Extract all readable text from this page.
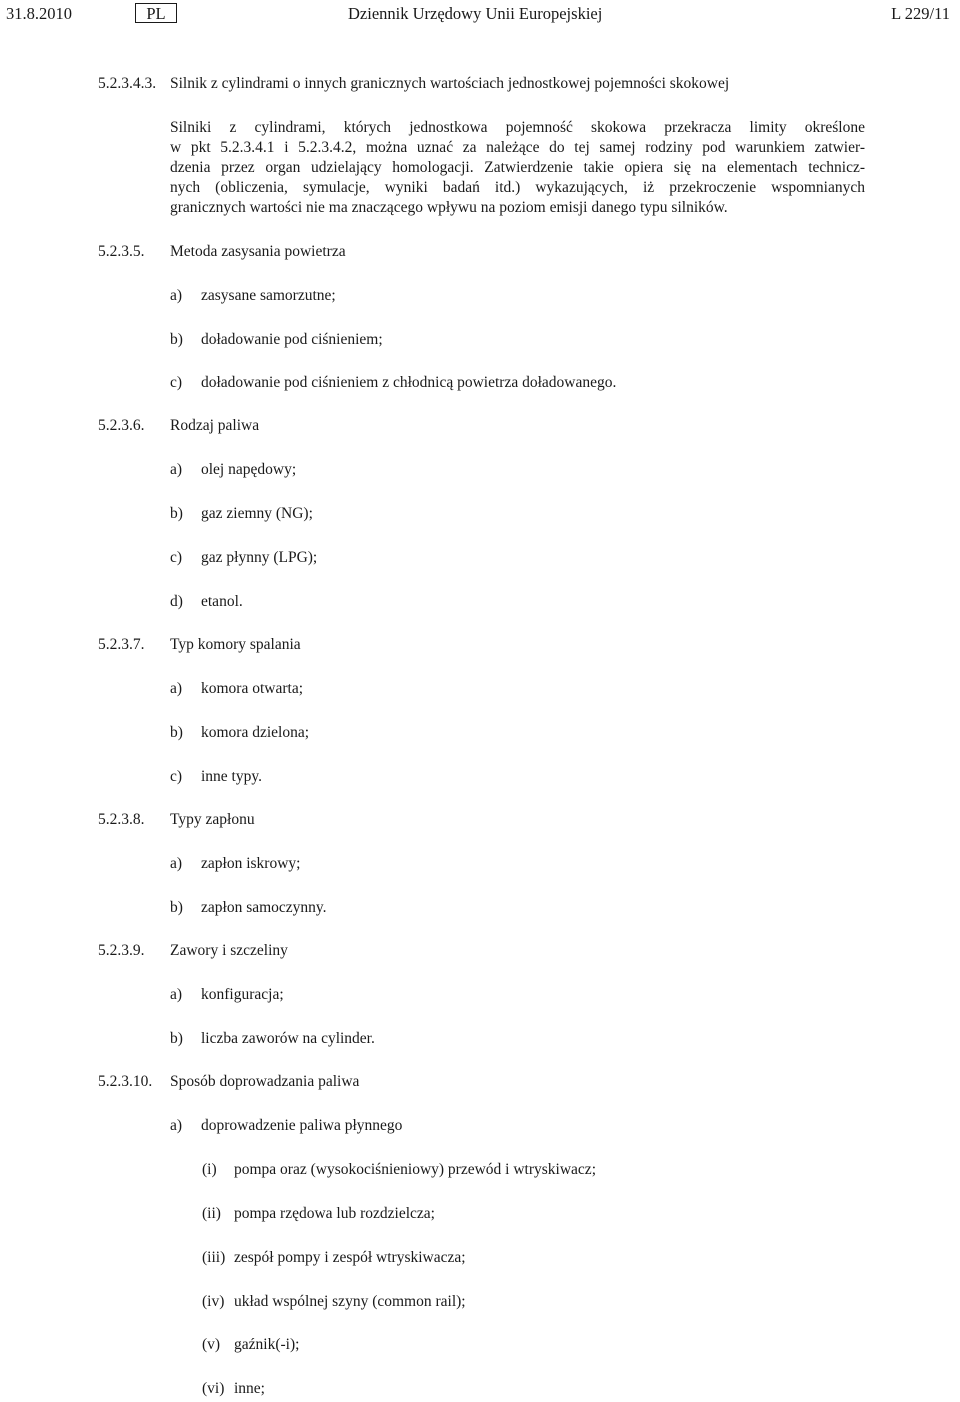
31.8.2010	PL	Dziennik Urzędowy Unii Europejskiej	L 229/11
5.2.3.4.3. Silnik z cylindrami o innych granicznych wartościach jednostkowej pojemności skokowej
Silniki z cylindrami, których jednostkowa pojemność skokowa przekracza limity określone
w pkt 5.2.3.4.1 i 5.2.3.4.2, można uznać za należące do tej samej rodziny pod warunkiem zatwier-
dzenia przez organ udzielający homologacji. Zatwierdzenie takie opiera się na elementach technicz-
nych (obliczenia, symulacje, wyniki badań itd.) wykazujących, iż przekroczenie wspomnianych
granicznych wartości nie ma znaczącego wpływu na poziom emisji danego typu silników.
5.2.3.5. Metoda zasysania powietrza
a) zasysane samorzutne;
b) doładowanie pod ciśnieniem;
c) doładowanie pod ciśnieniem z chłodnicą powietrza doładowanego.
5.2.3.6. Rodzaj paliwa
a) olej napędowy;
b) gaz ziemny (NG);
c) gaz płynny (LPG);
d) etanol.
5.2.3.7. Typ komory spalania
a) komora otwarta;
b) komora dzielona;
c) inne typy.
5.2.3.8. Typy zapłonu
a) zapłon iskrowy;
b) zapłon samoczynny.
5.2.3.9. Zawory i szczeliny
a) konfiguracja;
b) liczba zaworów na cylinder.
5.2.3.10. Sposób doprowadzania paliwa
a) doprowadzenie paliwa płynnego
(i) pompa oraz (wysokociśnieniowy) przewód i wtryskiwacz;
(ii) pompa rzędowa lub rozdzielcza;
(iii) zespół pompy i zespół wtryskiwacza;
(iv) układ wspólnej szyny (common rail);
(v) gaźnik(-i);
(vi) inne;
